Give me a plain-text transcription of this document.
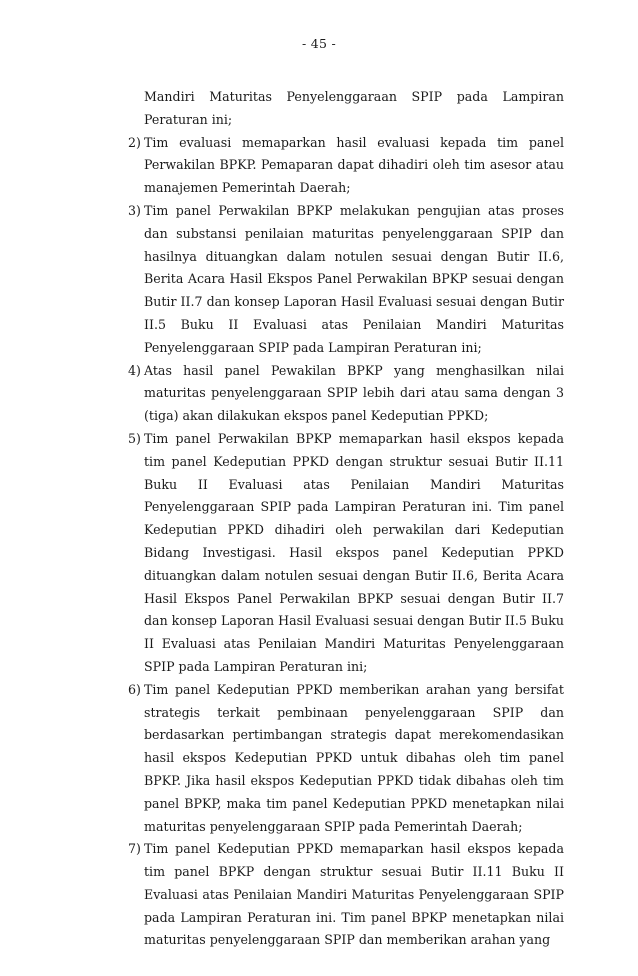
- 45 -

Mandiri Maturitas Penyelenggaraan SPIP pada Lampiran Peraturan ini;

2) Tim evaluasi memaparkan hasil evaluasi kepada tim panel Perwakilan BPKP. Pemaparan dapat dihadiri oleh tim asesor atau manajemen Pemerintah Daerah;
3) Tim panel Perwakilan BPKP melakukan pengujian atas proses dan substansi penilaian maturitas penyelenggaraan SPIP dan hasilnya dituangkan dalam notulen sesuai dengan Butir II.6, Berita Acara Hasil Ekspos Panel Perwakilan BPKP sesuai dengan Butir II.7 dan konsep Laporan Hasil Evaluasi sesuai dengan Butir II.5 Buku II Evaluasi atas Penilaian Mandiri Maturitas Penyelenggaraan SPIP pada Lampiran Peraturan ini;
4) Atas hasil panel Pewakilan BPKP yang menghasilkan nilai maturitas penyelenggaraan SPIP lebih dari atau sama dengan 3 (tiga) akan dilakukan ekspos panel Kedeputian PPKD;
5) Tim panel Perwakilan BPKP memaparkan hasil ekspos kepada tim panel Kedeputian PPKD dengan struktur sesuai Butir II.11 Buku II Evaluasi atas Penilaian Mandiri Maturitas Penyelenggaraan SPIP pada Lampiran Peraturan ini. Tim panel Kedeputian PPKD dihadiri oleh perwakilan dari Kedeputian Bidang Investigasi. Hasil ekspos panel Kedeputian PPKD dituangkan dalam notulen sesuai dengan Butir II.6, Berita Acara Hasil Ekspos Panel Perwakilan BPKP sesuai dengan Butir II.7 dan konsep Laporan Hasil Evaluasi sesuai dengan Butir II.5 Buku II Evaluasi atas Penilaian Mandiri Maturitas Penyelenggaraan SPIP pada Lampiran Peraturan ini;
6) Tim panel Kedeputian PPKD memberikan arahan yang bersifat strategis terkait pembinaan penyelenggaraan SPIP dan berdasarkan pertimbangan strategis dapat merekomendasikan hasil ekspos Kedeputian PPKD untuk dibahas oleh tim panel BPKP. Jika hasil ekspos Kedeputian PPKD tidak dibahas oleh tim panel BPKP, maka tim panel Kedeputian PPKD menetapkan nilai maturitas penyelenggaraan SPIP pada Pemerintah Daerah;
7) Tim panel Kedeputian PPKD memaparkan hasil ekspos kepada tim panel BPKP dengan struktur sesuai Butir II.11 Buku II Evaluasi atas Penilaian Mandiri Maturitas Penyelenggaraan SPIP pada Lampiran Peraturan ini. Tim panel BPKP menetapkan nilai maturitas penyelenggaraan SPIP dan memberikan arahan yang
